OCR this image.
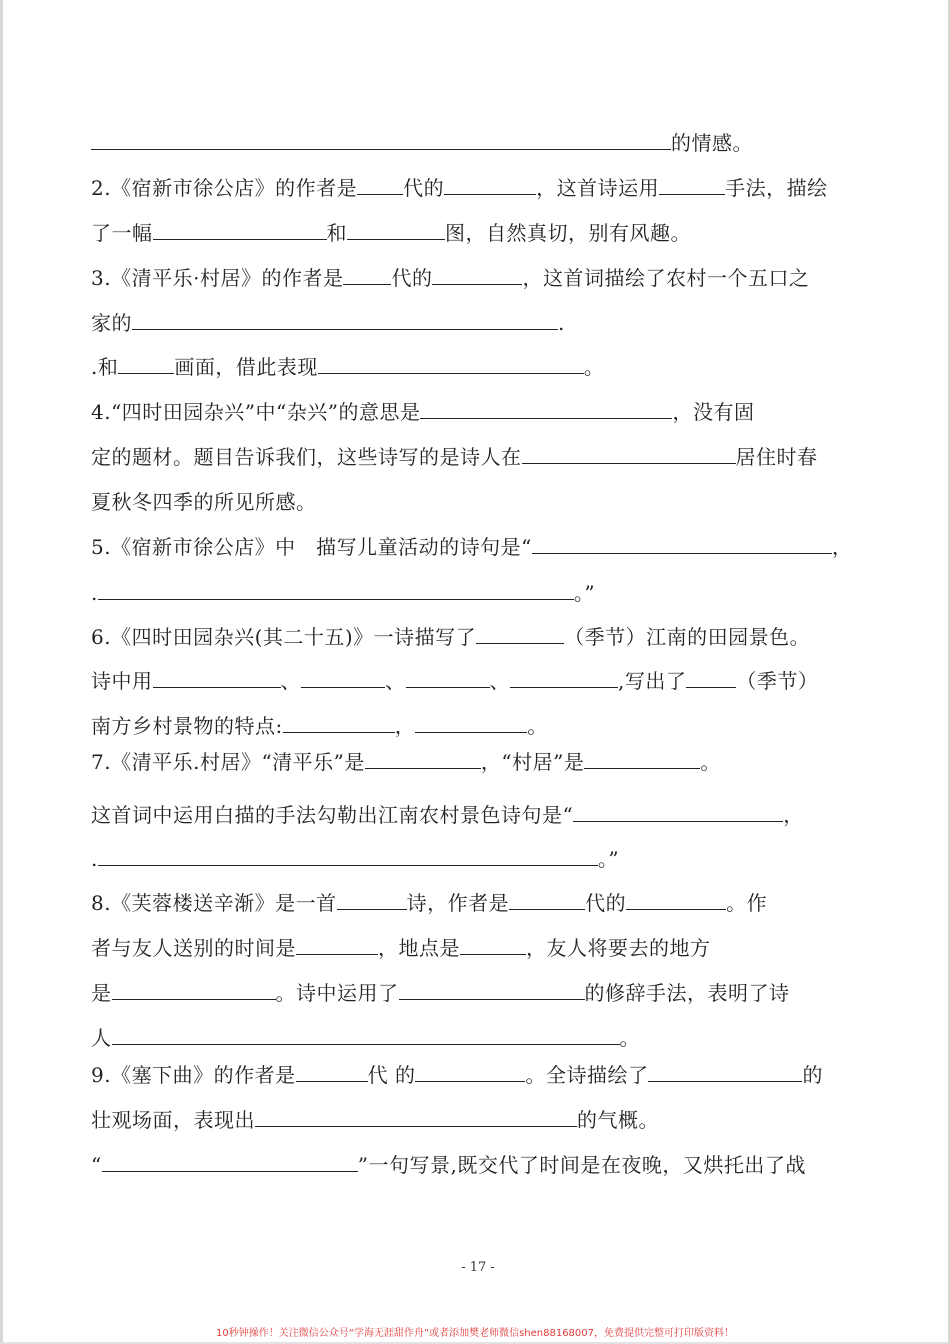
的情感。
2.《宿新市徐公店》的作者是 代的	，这首诗运用	手法，描绘
了一幅	和	图，自然真切，别有风趣。
3.《清平乐·村居》的作者是 代的	，这首词描绘了农村一个五口之
家的	.
.和	画面，借此表现	。
4.“四时田园杂兴”中“杂兴”的意思是	，没有固
定的题材。题目告诉我们，这些诗写的是诗人在	居住时春
夏秋冬四季的所见所感。
5.《宿新市徐公店》中　描写儿童活动的诗句是“	，
.	。”
6.《四时田园杂兴(其二十五)》一诗描写了	（季节）江南的田园景色。
诗中用	、	、	、	,写出了	（季节）
南方乡村景物的特点:	，	。
7.《清平乐.村居》“清平乐”是	，“村居”是	。
这首词中运用白描的手法勾勒出江南农村景色诗句是“	，
.	。”
8.《芙蓉楼送辛渐》是一首	诗，作者是	代的	。作
者与友人送别的时间是	，地点是	，友人将要去的地方
是	。诗中运用了	的修辞手法，表明了诗
人	。
9.《塞下曲》的作者是	代 的	。全诗描绘了	的
壮观场面，表现出	的气概。
“	”一句写景,既交代了时间是在夜晚，又烘托出了战
- 17 -
10秒钟操作！关注微信公众号“学海无涯甜作舟”或者添加樊老师微信shen88168007，免费提供完整可打印版资料！
